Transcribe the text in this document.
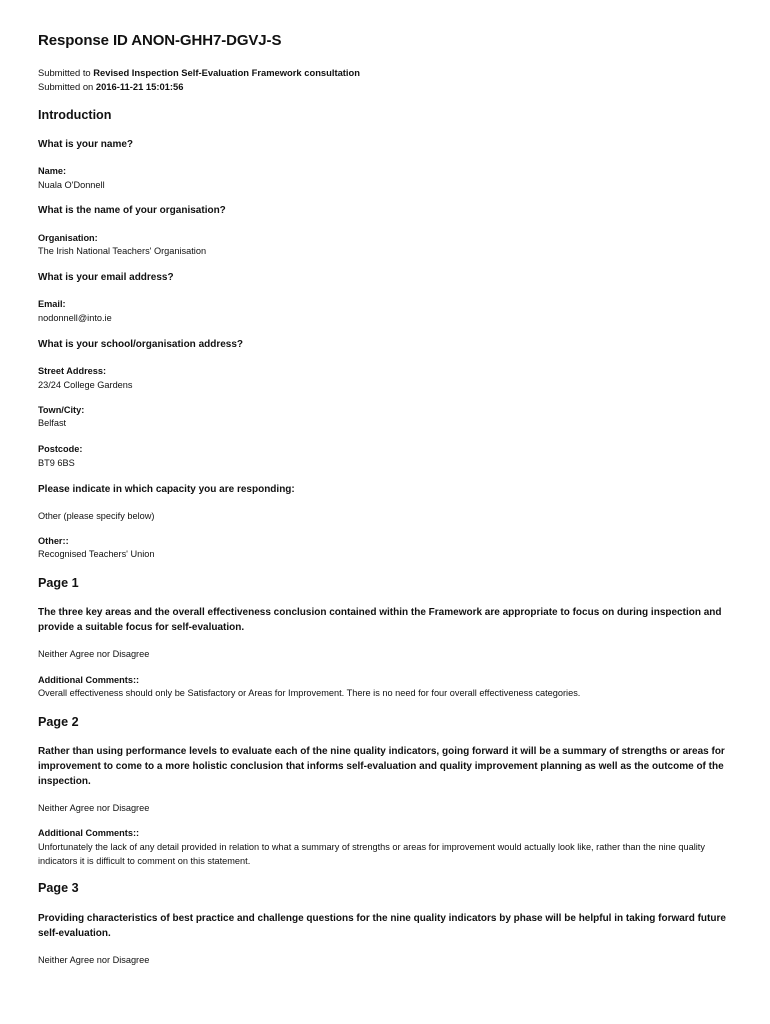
Response ID ANON-GHH7-DGVJ-S
Submitted to Revised Inspection Self-Evaluation Framework consultation
Submitted on 2016-11-21 15:01:56
Introduction
What is your name?
Name:
Nuala O'Donnell
What is the name of your organisation?
Organisation:
The Irish National Teachers' Organisation
What is your email address?
Email:
nodonnell@into.ie
What is your school/organisation address?
Street Address:
23/24 College Gardens
Town/City:
Belfast
Postcode:
BT9 6BS
Please indicate in which capacity you are responding:
Other (please specify below)
Other::
Recognised Teachers' Union
Page 1
The three key areas and the overall effectiveness conclusion contained within the Framework are appropriate to focus on during inspection and provide a suitable focus for self-evaluation.
Neither Agree nor Disagree
Additional Comments::
Overall effectiveness should only be Satisfactory or Areas for Improvement. There is no need for four overall effectiveness categories.
Page 2
Rather than using performance levels to evaluate each of the nine quality indicators, going forward it will be a summary of strengths or areas for improvement to come to a more holistic conclusion that informs self-evaluation and quality improvement planning as well as the outcome of the inspection.
Neither Agree nor Disagree
Additional Comments::
Unfortunately the lack of any detail provided in relation to what a summary of strengths or areas for improvement would actually look like, rather than the nine quality indicators it is difficult to comment on this statement.
Page 3
Providing characteristics of best practice and challenge questions for the nine quality indicators by phase will be helpful in taking forward future self-evaluation.
Neither Agree nor Disagree
